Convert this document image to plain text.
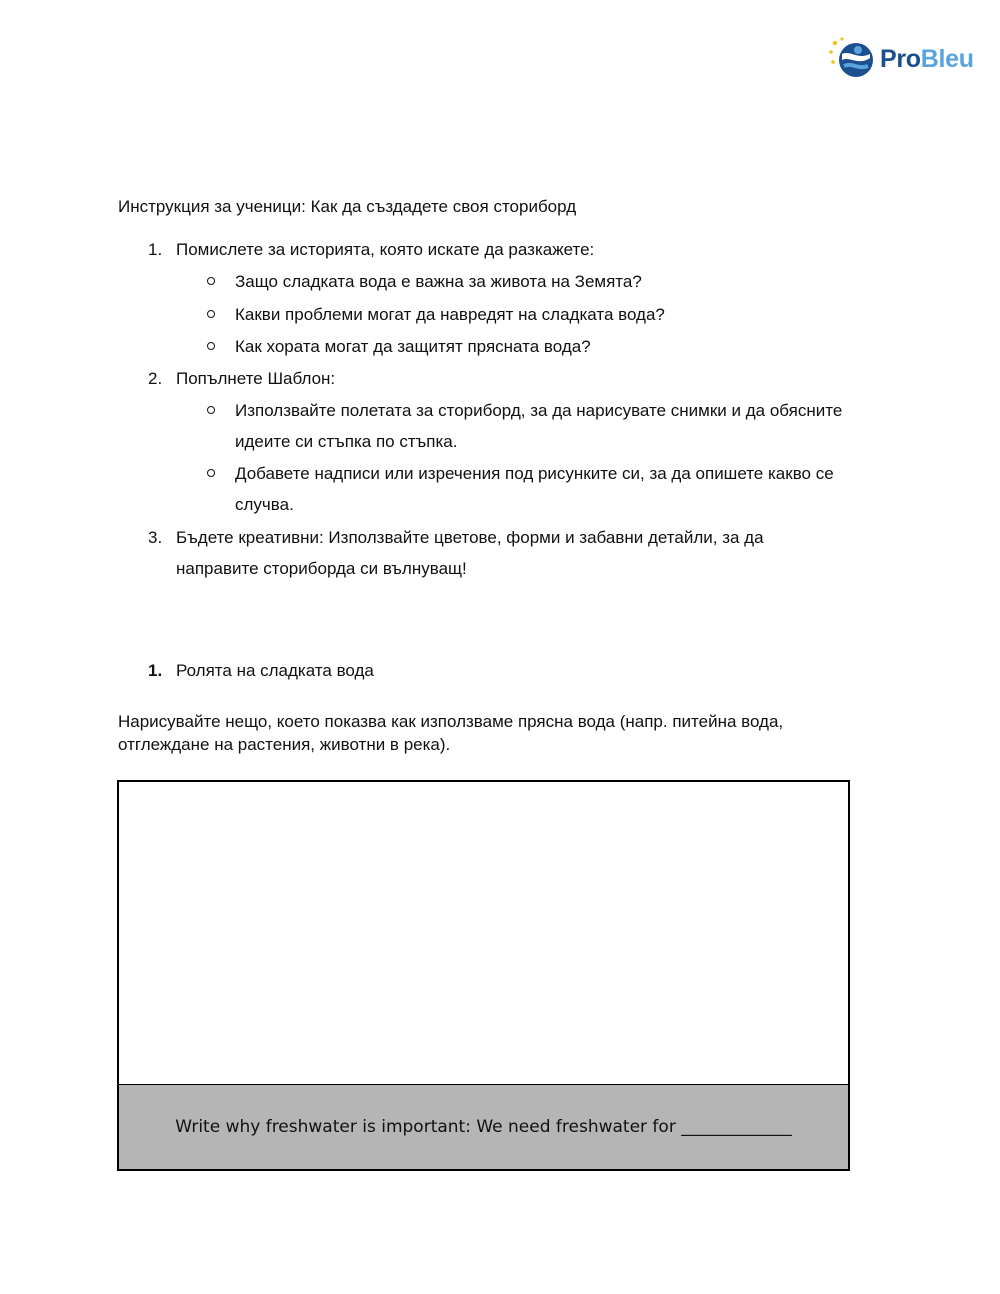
ProBleu

Инструкция за ученици: Как да създадете своя сториборд

1. Помислете за историята, която искате да разкажете:
Защо сладката вода е важна за живота на Земята?
Какви проблеми могат да навредят на сладката вода?
Как хората могат да защитят прясната вода?
2. Попълнете Шаблон:
Използвайте полетата за сториборд, за да нарисувате снимки и да обясните
идеите си стъпка по стъпка.
Добавете надписи или изречения под рисунките си, за да опишете какво се
случва.
3. Бъдете креативни: Използвайте цветове, форми и забавни детайли, за да
направите сториборда си вълнуващ!
1. Ролята на сладката вода

Нарисувайте нещо, което показва как използваме прясна вода (напр. питейна вода, отглеждане на растения, животни в река).

Write why freshwater is important: We need freshwater for _____________
